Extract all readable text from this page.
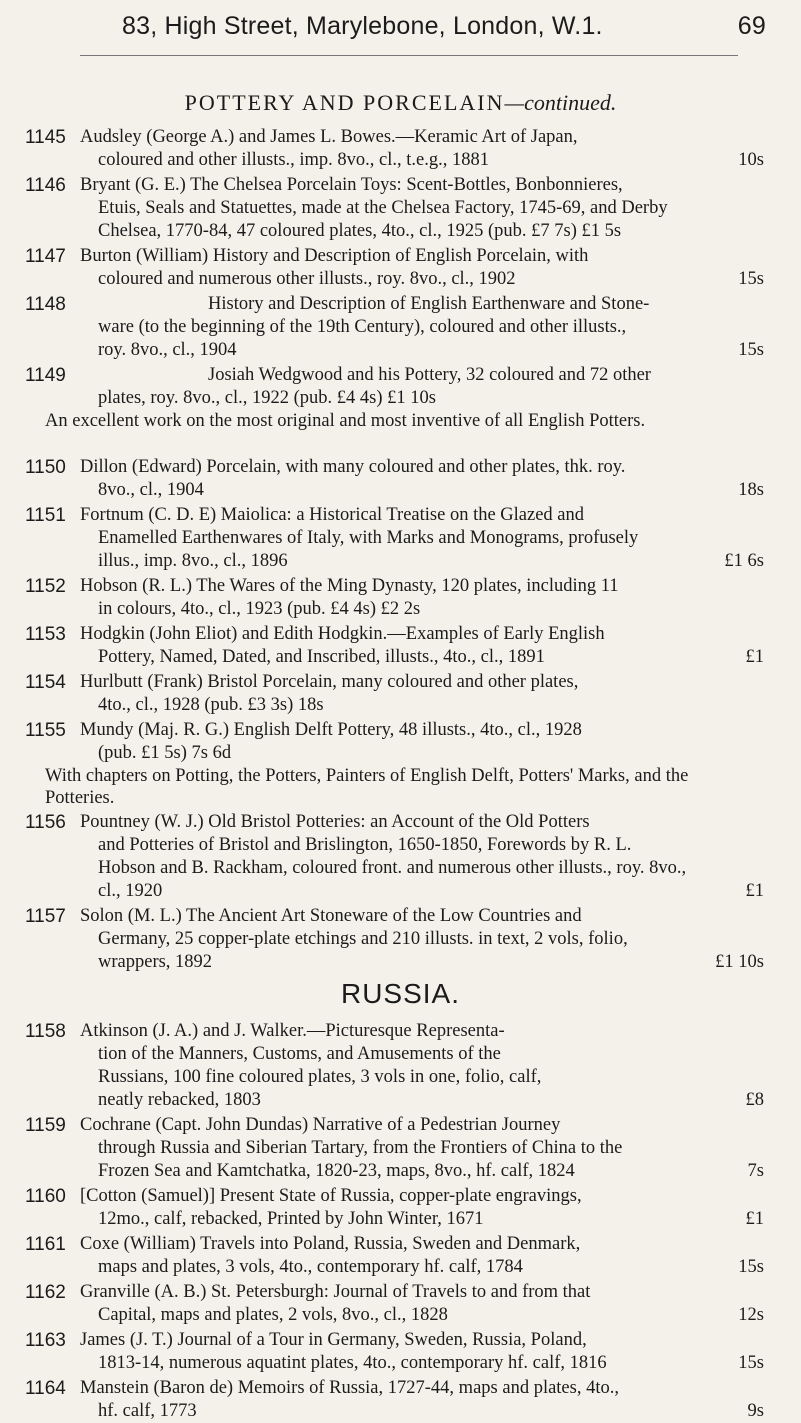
83, High Street, Marylebone, London, W.1.	69
POTTERY AND PORCELAIN—continued.
1145 Audsley (George A.) and James L. Bowes.—Keramic Art of Japan,
coloured and other illusts., imp. 8vo., cl., t.e.g., 1881	10s
1146 Bryant (G. E.) The Chelsea Porcelain Toys: Scent-Bottles, Bonbonnieres,
Etuis, Seals and Statuettes, made at the Chelsea Factory, 1745-69, and Derby
Chelsea, 1770-84, 47 coloured plates, 4to., cl., 1925 (pub. £7 7s) £1 5s
1147 Burton (William) History and Description of English Porcelain, with
coloured and numerous other illusts., roy. 8vo., cl., 1902	15s
1148	History and Description of English Earthenware and Stone-
ware (to the beginning of the 19th Century), coloured and other illusts.,
roy. 8vo., cl., 1904	15s
1149	Josiah Wedgwood and his Pottery, 32 coloured and 72 other
plates, roy. 8vo., cl., 1922 (pub. £4 4s) £1 10s
An excellent work on the most original and most inventive of all English Potters.
1150 Dillon (Edward) Porcelain, with many coloured and other plates, thk. roy.
8vo., cl., 1904	18s
1151 Fortnum (C. D. E) Maiolica: a Historical Treatise on the Glazed and
Enamelled Earthenwares of Italy, with Marks and Monograms, profusely
illus., imp. 8vo., cl., 1896	£1 6s
1152 Hobson (R. L.) The Wares of the Ming Dynasty, 120 plates, including 11
in colours, 4to., cl., 1923 (pub. £4 4s) £2 2s
1153 Hodgkin (John Eliot) and Edith Hodgkin.—Examples of Early English
Pottery, Named, Dated, and Inscribed, illusts., 4to., cl., 1891	£1
1154 Hurlbutt (Frank) Bristol Porcelain, many coloured and other plates,
4to., cl., 1928 (pub. £3 3s) 18s
1155 Mundy (Maj. R. G.) English Delft Pottery, 48 illusts., 4to., cl., 1928
(pub. £1 5s) 7s 6d
With chapters on Potting, the Potters, Painters of English Delft, Potters' Marks, and the Potteries.
1156 Pountney (W. J.) Old Bristol Potteries: an Account of the Old Potters
and Potteries of Bristol and Brislington, 1650-1850, Forewords by R. L.
Hobson and B. Rackham, coloured front. and numerous other illusts., roy. 8vo.,
cl., 1920	£1
1157 Solon (M. L.) The Ancient Art Stoneware of the Low Countries and
Germany, 25 copper-plate etchings and 210 illusts. in text, 2 vols, folio,
wrappers, 1892	£1 10s
RUSSIA.
1158 Atkinson (J. A.) and J. Walker.—Picturesque Representa-
tion of the Manners, Customs, and Amusements of the
Russians, 100 fine coloured plates, 3 vols in one, folio, calf,
neatly rebacked, 1803	£8
1159 Cochrane (Capt. John Dundas) Narrative of a Pedestrian Journey
through Russia and Siberian Tartary, from the Frontiers of China to the
Frozen Sea and Kamtchatka, 1820-23, maps, 8vo., hf. calf, 1824	7s
1160 [Cotton (Samuel)] Present State of Russia, copper-plate engravings,
12mo., calf, rebacked, Printed by John Winter, 1671	£1
1161 Coxe (William) Travels into Poland, Russia, Sweden and Denmark,
maps and plates, 3 vols, 4to., contemporary hf. calf, 1784	15s
1162 Granville (A. B.) St. Petersburgh: Journal of Travels to and from that
Capital, maps and plates, 2 vols, 8vo., cl., 1828	12s
1163 James (J. T.) Journal of a Tour in Germany, Sweden, Russia, Poland,
1813-14, numerous aquatint plates, 4to., contemporary hf. calf, 1816	15s
1164 Manstein (Baron de) Memoirs of Russia, 1727-44, maps and plates, 4to.,
hf. calf, 1773	9s
